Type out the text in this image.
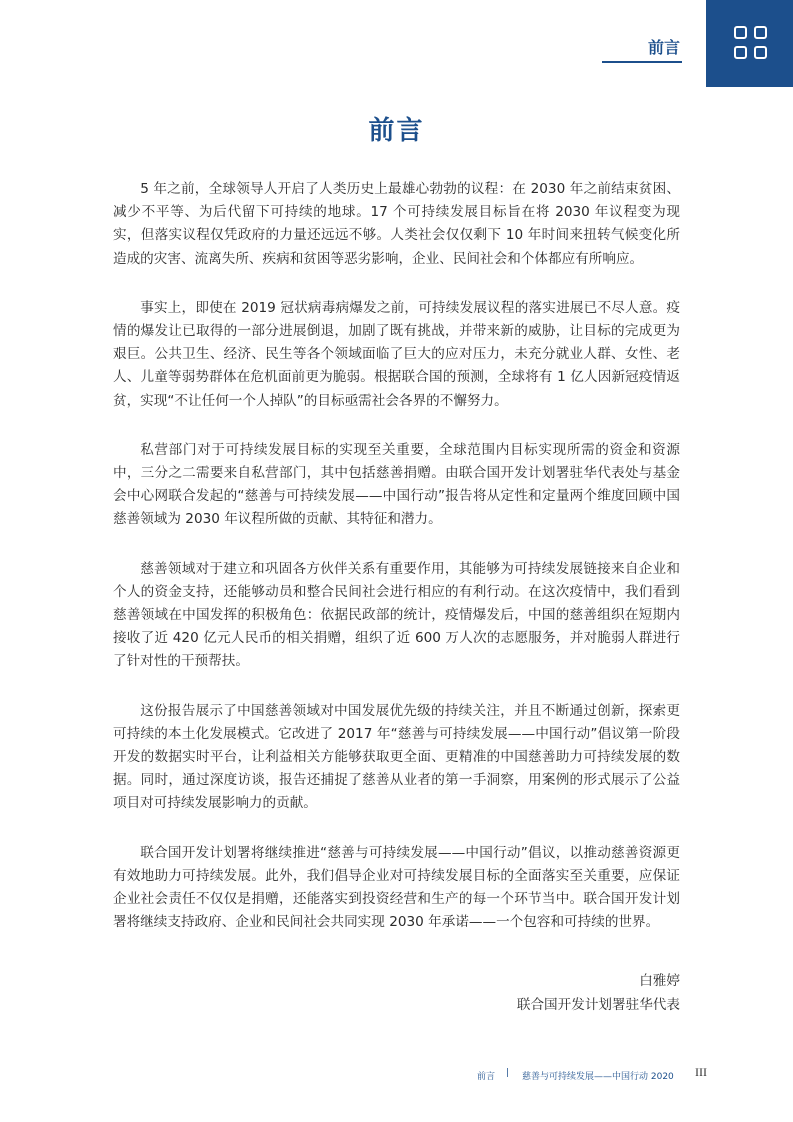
前言
前言

5 年之前，全球领导人开启了人类历史上最雄心勃勃的议程：在 2030 年之前结束贫困、减少不平等、为后代留下可持续的地球。17 个可持续发展目标旨在将 2030 年议程变为现实，但落实议程仅凭政府的力量还远远不够。人类社会仅仅剩下 10 年时间来扭转气候变化所造成的灾害、流离失所、疾病和贫困等恶劣影响，企业、民间社会和个体都应有所响应。

事实上，即使在 2019 冠状病毒病爆发之前，可持续发展议程的落实进展已不尽人意。疫情的爆发让已取得的一部分进展倒退，加剧了既有挑战，并带来新的威胁，让目标的完成更为艰巨。公共卫生、经济、民生等各个领域面临了巨大的应对压力，未充分就业人群、女性、老人、儿童等弱势群体在危机面前更为脆弱。根据联合国的预测，全球将有 1 亿人因新冠疫情返贫，实现“不让任何一个人掉队”的目标亟需社会各界的不懈努力。

私营部门对于可持续发展目标的实现至关重要，全球范围内目标实现所需的资金和资源中，三分之二需要来自私营部门，其中包括慈善捐赠。由联合国开发计划署驻华代表处与基金会中心网联合发起的“慈善与可持续发展——中国行动”报告将从定性和定量两个维度回顾中国慈善领域为 2030 年议程所做的贡献、其特征和潜力。

慈善领域对于建立和巩固各方伙伴关系有重要作用，其能够为可持续发展链接来自企业和个人的资金支持，还能够动员和整合民间社会进行相应的有利行动。在这次疫情中，我们看到慈善领域在中国发挥的积极角色：依据民政部的统计，疫情爆发后，中国的慈善组织在短期内接收了近 420 亿元人民币的相关捐赠，组织了近 600 万人次的志愿服务，并对脆弱人群进行了针对性的干预帮扶。

这份报告展示了中国慈善领域对中国发展优先级的持续关注，并且不断通过创新，探索更可持续的本土化发展模式。它改进了 2017 年“慈善与可持续发展——中国行动”倡议第一阶段开发的数据实时平台，让利益相关方能够获取更全面、更精准的中国慈善助力可持续发展的数据。同时，通过深度访谈，报告还捕捉了慈善从业者的第一手洞察，用案例的形式展示了公益项目对可持续发展影响力的贡献。

联合国开发计划署将继续推进“慈善与可持续发展——中国行动”倡议，以推动慈善资源更有效地助力可持续发展。此外，我们倡导企业对可持续发展目标的全面落实至关重要，应保证企业社会责任不仅仅是捐赠，还能落实到投资经营和生产的每一个环节当中。联合国开发计划署将继续支持政府、企业和民间社会共同实现 2030 年承诺——一个包容和可持续的世界。

白雅婷
联合国开发计划署驻华代表
前言 | 慈善与可持续发展——中国行动 2020 III
